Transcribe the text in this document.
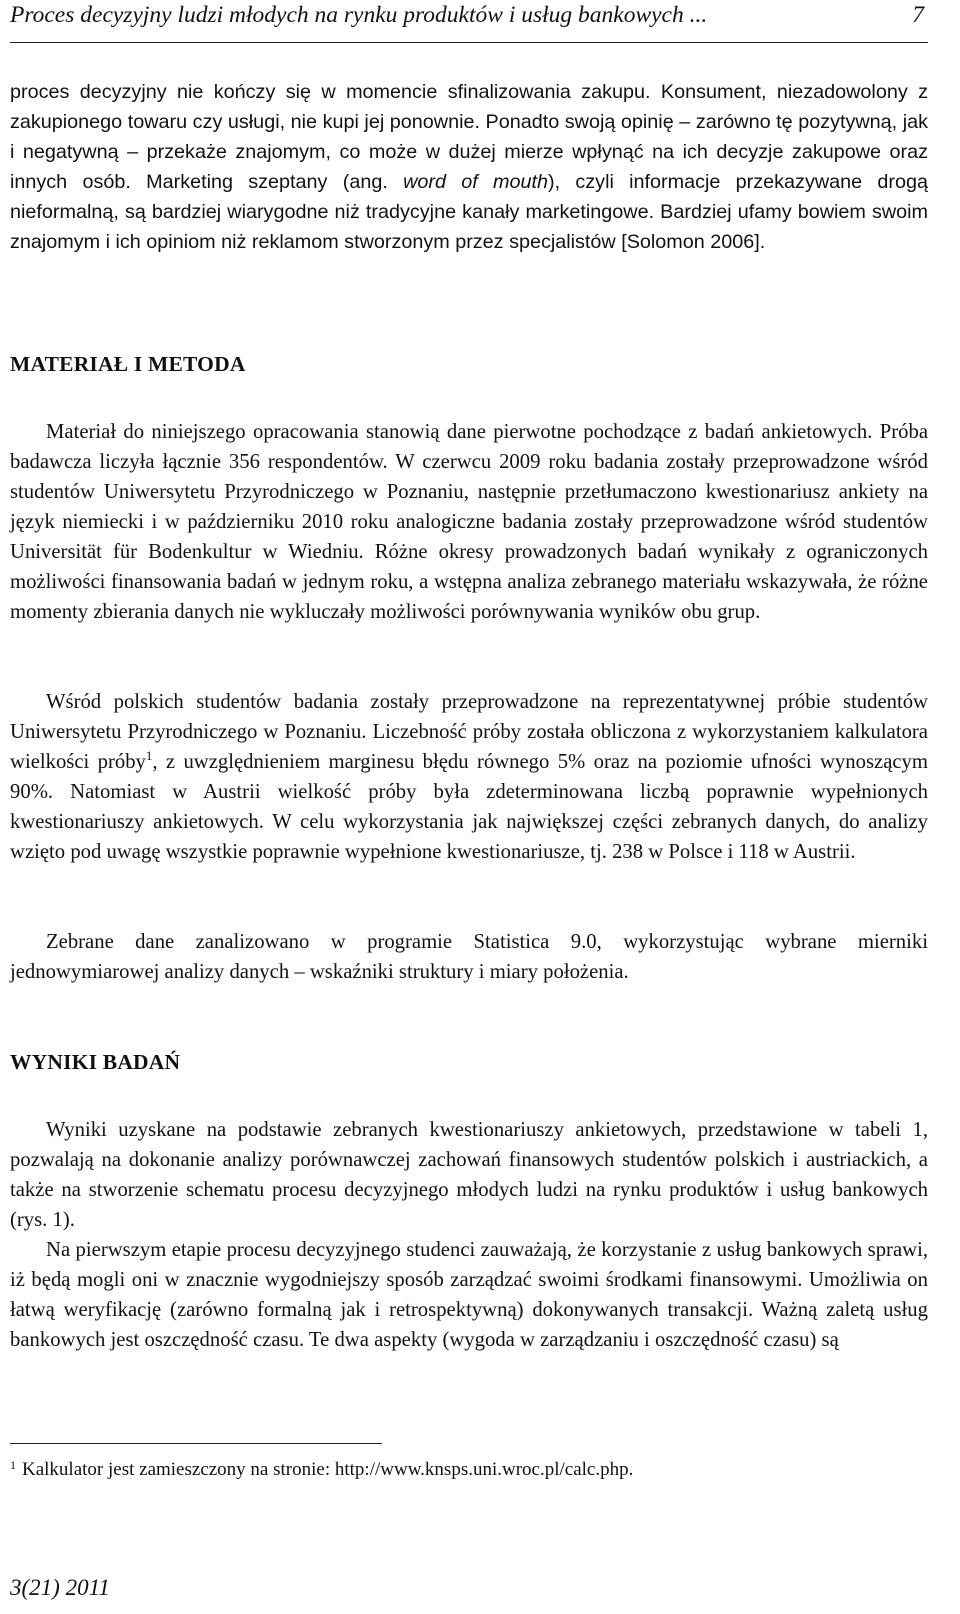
Proces decyzyjny ludzi młodych na rynku produktów i usług bankowych ...	7

proces decyzyjny nie kończy się w momencie sfinalizowania zakupu. Konsument, niezadowolony z zakupionego towaru czy usługi, nie kupi jej ponownie. Ponadto swoją opinię – zarówno tę pozytywną, jak i negatywną – przekaże znajomym, co może w dużej mierze wpłynąć na ich decyzje zakupowe oraz innych osób. Marketing szeptany (ang. word of mouth), czyli informacje przekazywane drogą nieformalną, są bardziej wiarygodne niż tradycyjne kanały marketingowe. Bardziej ufamy bowiem swoim znajomym i ich opiniom niż reklamom stworzonym przez specjalistów [Solomon 2006].

MATERIAŁ I METODA

Materiał do niniejszego opracowania stanowią dane pierwotne pochodzące z badań ankietowych. Próba badawcza liczyła łącznie 356 respondentów. W czerwcu 2009 roku badania zostały przeprowadzone wśród studentów Uniwersytetu Przyrodniczego w Poznaniu, następnie przetłumaczono kwestionariusz ankiety na język niemiecki i w październiku 2010 roku analogiczne badania zostały przeprowadzone wśród studentów Universität für Bodenkultur w Wiedniu. Różne okresy prowadzonych badań wynikały z ograniczonych możliwości finansowania badań w jednym roku, a wstępna analiza zebranego materiału wskazywała, że różne momenty zbierania danych nie wykluczały możliwości porównywania wyników obu grup.

Wśród polskich studentów badania zostały przeprowadzone na reprezentatywnej próbie studentów Uniwersytetu Przyrodniczego w Poznaniu. Liczebność próby została obliczona z wykorzystaniem kalkulatora wielkości próby$^1$, z uwzględnieniem marginesu błędu równego 5% oraz na poziomie ufności wynoszącym 90%. Natomiast w Austrii wielkość próby była zdeterminowana liczbą poprawnie wypełnionych kwestionariuszy ankietowych. W celu wykorzystania jak największej części zebranych danych, do analizy wzięto pod uwagę wszystkie poprawnie wypełnione kwestionariusze, tj. 238 w Polsce i 118 w Austrii.

Zebrane dane zanalizowano w programie Statistica 9.0, wykorzystując wybrane mierniki jednowymiarowej analizy danych – wskaźniki struktury i miary położenia.

WYNIKI BADAŃ

Wyniki uzyskane na podstawie zebranych kwestionariuszy ankietowych, przedstawione w tabeli 1, pozwalają na dokonanie analizy porównawczej zachowań finansowych studentów polskich i austriackich, a także na stworzenie schematu procesu decyzyjnego młodych ludzi na rynku produktów i usług bankowych (rys. 1).

Na pierwszym etapie procesu decyzyjnego studenci zauważają, że korzystanie z usług bankowych sprawi, iż będą mogli oni w znacznie wygodniejszy sposób zarządzać swoimi środkami finansowymi. Umożliwia on łatwą weryfikację (zarówno formalną jak i retrospektywną) dokonywanych transakcji. Ważną zaletą usług bankowych jest oszczędność czasu. Te dwa aspekty (wygoda w zarządzaniu i oszczędność czasu) są

$^1$ Kalkulator jest zamieszczony na stronie: http://www.knsps.uni.wroc.pl/calc.php.

3(21) 2011
